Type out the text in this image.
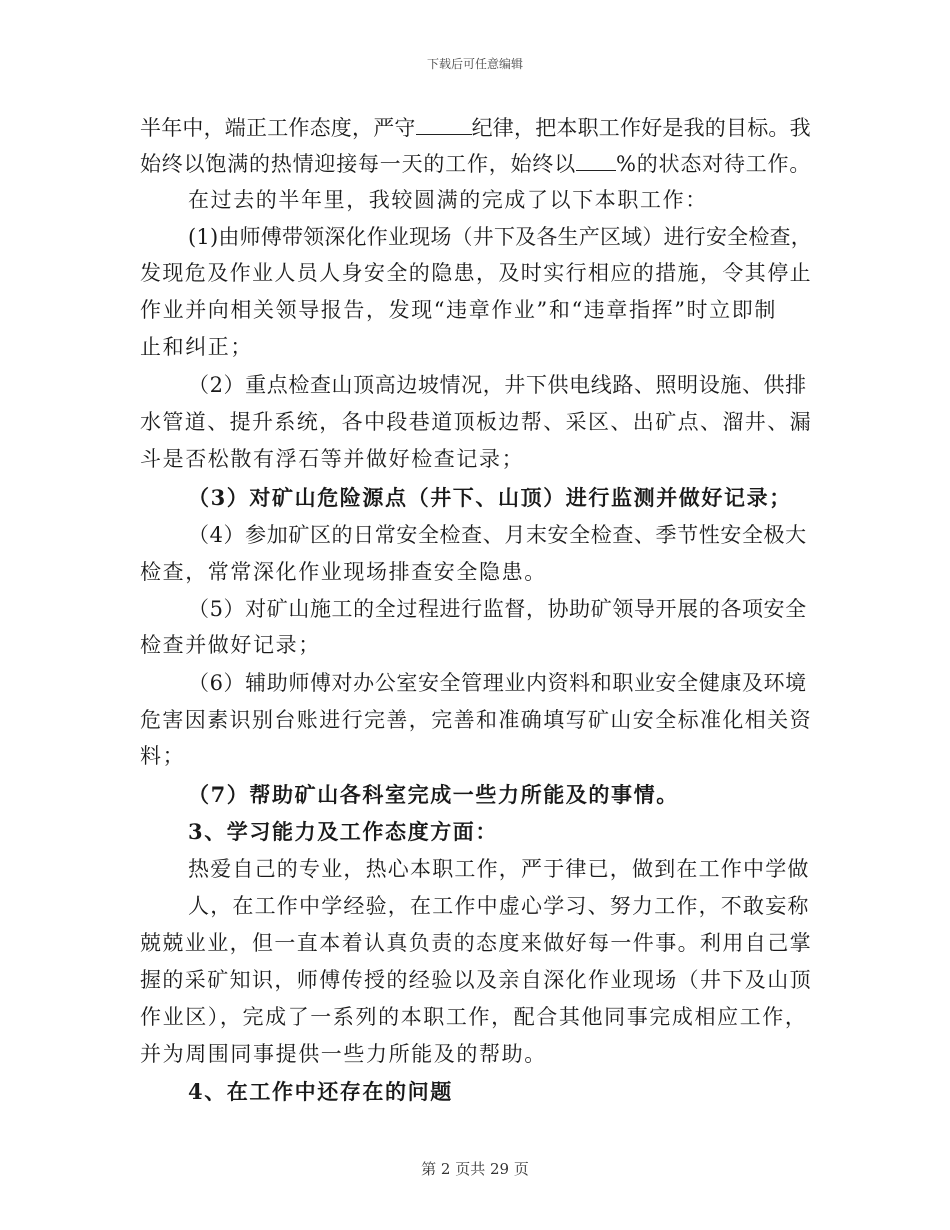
下载后可任意编辑
半年中，端正工作态度，严守	纪律，把本职工作好是我的目标。我
始终以饱满的热情迎接每一天的工作，始终以 %的状态对待工作。
在过去的半年里，我较圆满的完成了以下本职工作：
(1)由师傅带领深化作业现场（井下及各生产区域）进行安全检查，
发现危及作业人员人身安全的隐患，及时实行相应的措施，令其停止
作业并向相关领导报告，发现“违章作业”和“违章指挥”时立即制
止和纠正；
（2）重点检查山顶高边坡情况，井下供电线路、照明设施、供排
水管道、提升系统，各中段巷道顶板边帮、采区、出矿点、溜井、漏
斗是否松散有浮石等并做好检查记录；
（3）对矿山危险源点（井下、山顶）进行监测并做好记录；
（4）参加矿区的日常安全检查、月末安全检查、季节性安全极大
检查，常常深化作业现场排查安全隐患。
（5）对矿山施工的全过程进行监督，协助矿领导开展的各项安全
检查并做好记录；
（6）辅助师傅对办公室安全管理业内资料和职业安全健康及环境
危害因素识别台账进行完善，完善和准确填写矿山安全标准化相关资
料；
（7）帮助矿山各科室完成一些力所能及的事情。
3、学习能力及工作态度方面：
热爱自己的专业，热心本职工作，严于律已，做到在工作中学做
人，在工作中学经验，在工作中虚心学习、努力工作，不敢妄称
兢兢业业，但一直本着认真负责的态度来做好每一件事。利用自己掌
握的采矿知识，师傅传授的经验以及亲自深化作业现场（井下及山顶
作业区），完成了一系列的本职工作，配合其他同事完成相应工作，
并为周围同事提供一些力所能及的帮助。
4、在工作中还存在的问题
第 2 页共 29 页
